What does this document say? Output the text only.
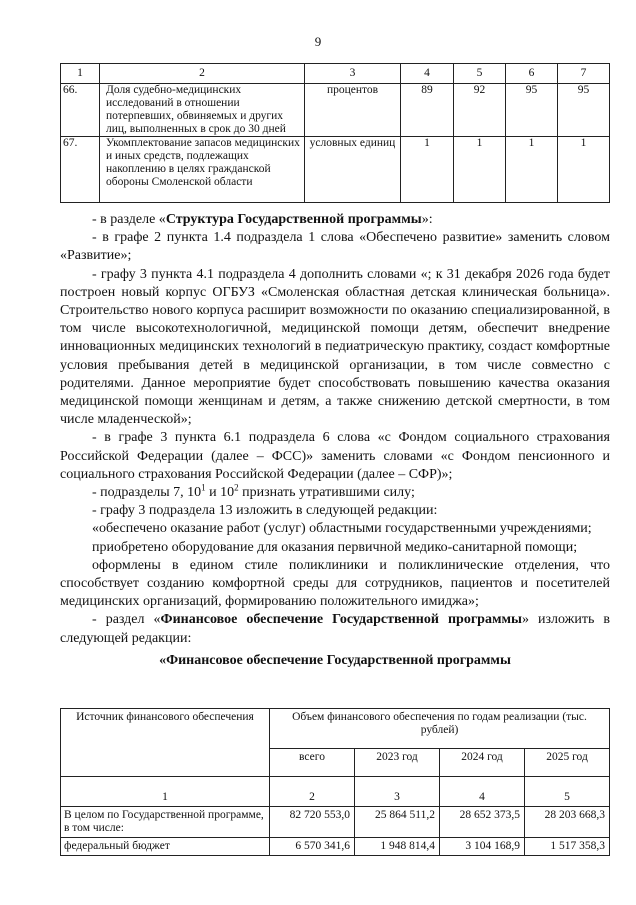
9
1	2	3	4	5	6	7
66.	Доля судебно-медицинских исследований в отношении потерпевших, обвиняемых и других лиц, выполненных в срок до 30 дней	процентов	89	92	95	95
67.	Укомплектование запасов медицинских и иных средств, подлежащих накоплению в целях гражданской обороны Смоленской области	условных единиц	1	1	1	1

- в разделе «Структура Государственной программы»:

- в графе 2 пункта 1.4 подраздела 1 слова «Обеспечено развитие» заменить словом «Развитие»;

- графу 3 пункта 4.1 подраздела 4 дополнить словами «; к 31 декабря 2026 года будет построен новый корпус ОГБУЗ «Смоленская областная детская клиническая больница». Строительство нового корпуса расширит возможности по оказанию специализированной, в том числе высокотехнологичной, медицинской помощи детям, обеспечит внедрение инновационных медицинских технологий в педиатрическую практику, создаст комфортные условия пребывания детей в медицинской организации, в том числе совместно с родителями. Данное мероприятие будет способствовать повышению качества оказания медицинской помощи женщинам и детям, а также снижению детской смертности, в том числе младенческой»;

- в графе 3 пункта 6.1 подраздела 6 слова «с Фондом социального страхования Российской Федерации (далее – ФСС)» заменить словами «с Фондом пенсионного и социального страхования Российской Федерации (далее – СФР)»;

- подразделы 7, $10^1$ и $10^2$ признать утратившими силу;

- графу 3 подраздела 13 изложить в следующей редакции:

«обеспечено оказание работ (услуг) областными государственными учреждениями;

приобретено оборудование для оказания первичной медико-санитарной помощи;

оформлены в едином стиле поликлиники и поликлинические отделения, что способствует созданию комфортной среды для сотрудников, пациентов и посетителей медицинских организаций, формированию положительного имиджа»;

- раздел «Финансовое обеспечение Государственной программы» изложить в следующей редакции:

«Финансовое обеспечение Государственной программы

Источник финансового обеспечения	Объем финансового обеспечения по годам реализации (тыс. рублей)			
	всего	2023 год	2024 год	2025 год
1	2	3	4	5
В целом по Государственной программе, в том числе:	82 720 553,0	25 864 511,2	28 652 373,5	28 203 668,3
федеральный бюджет	6 570 341,6	1 948 814,4	3 104 168,9	1 517 358,3
